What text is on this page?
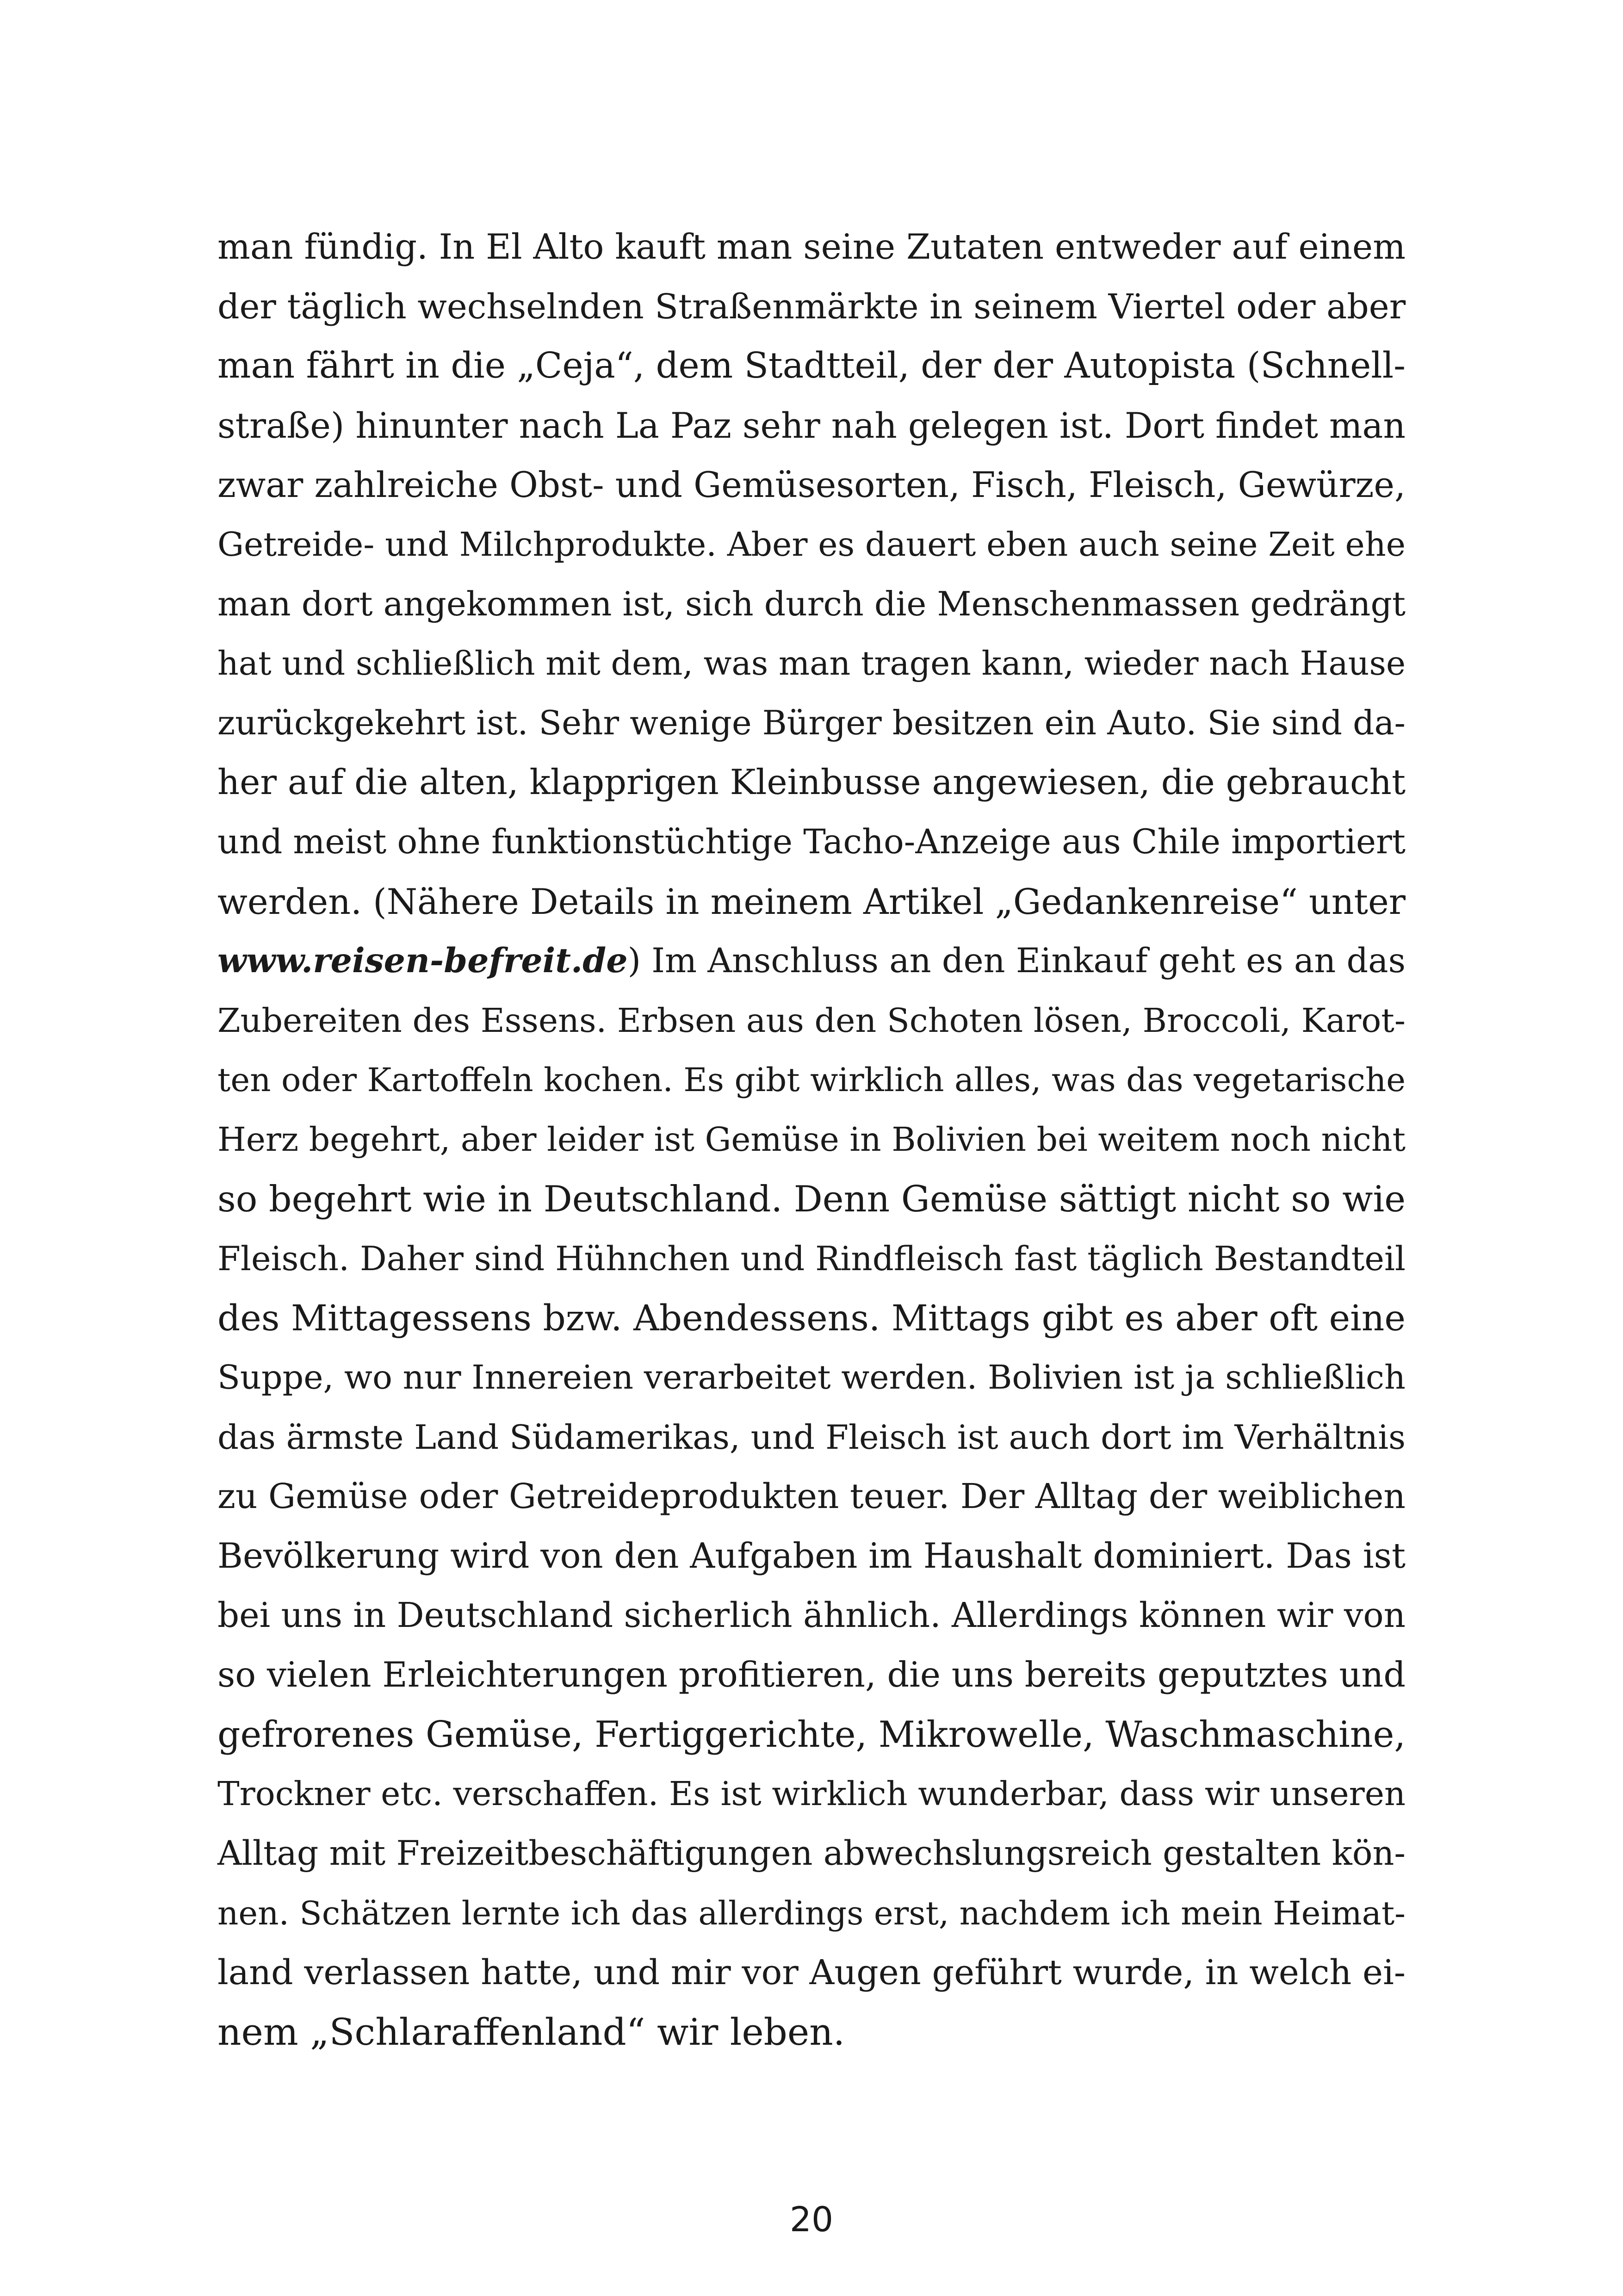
man fündig. In El Alto kauft man seine Zutaten entweder auf einem
der täglich wechselnden Straßenmärkte in seinem Viertel oder aber
man fährt in die „Ceja“, dem Stadtteil, der der Autopista (Schnell-
straße) hinunter nach La Paz sehr nah gelegen ist. Dort findet man
zwar zahlreiche Obst- und Gemüsesorten, Fisch, Fleisch, Gewürze,
Getreide- und Milchprodukte. Aber es dauert eben auch seine Zeit ehe
man dort angekommen ist, sich durch die Menschenmassen gedrängt
hat und schließlich mit dem, was man tragen kann, wieder nach Hause
zurückgekehrt ist. Sehr wenige Bürger besitzen ein Auto. Sie sind da-
her auf die alten, klapprigen Kleinbusse angewiesen, die gebraucht
und meist ohne funktionstüchtige Tacho-Anzeige aus Chile importiert
werden. (Nähere Details in meinem Artikel „Gedankenreise“ unter
www.reisen-befreit.de) Im Anschluss an den Einkauf geht es an das
Zubereiten des Essens. Erbsen aus den Schoten lösen, Broccoli, Karot-
ten oder Kartoffeln kochen. Es gibt wirklich alles, was das vegetarische
Herz begehrt, aber leider ist Gemüse in Bolivien bei weitem noch nicht
so begehrt wie in Deutschland. Denn Gemüse sättigt nicht so wie
Fleisch. Daher sind Hühnchen und Rindfleisch fast täglich Bestandteil
des Mittagessens bzw. Abendessens. Mittags gibt es aber oft eine
Suppe, wo nur Innereien verarbeitet werden. Bolivien ist ja schließlich
das ärmste Land Südamerikas, und Fleisch ist auch dort im Verhältnis
zu Gemüse oder Getreideprodukten teuer. Der Alltag der weiblichen
Bevölkerung wird von den Aufgaben im Haushalt dominiert. Das ist
bei uns in Deutschland sicherlich ähnlich. Allerdings können wir von
so vielen Erleichterungen profitieren, die uns bereits geputztes und
gefrorenes Gemüse, Fertiggerichte, Mikrowelle, Waschmaschine,
Trockner etc. verschaffen. Es ist wirklich wunderbar, dass wir unseren
Alltag mit Freizeitbeschäftigungen abwechslungsreich gestalten kön-
nen. Schätzen lernte ich das allerdings erst, nachdem ich mein Heimat-
land verlassen hatte, und mir vor Augen geführt wurde, in welch ei-
nem „Schlaraffenland“ wir leben.
20
